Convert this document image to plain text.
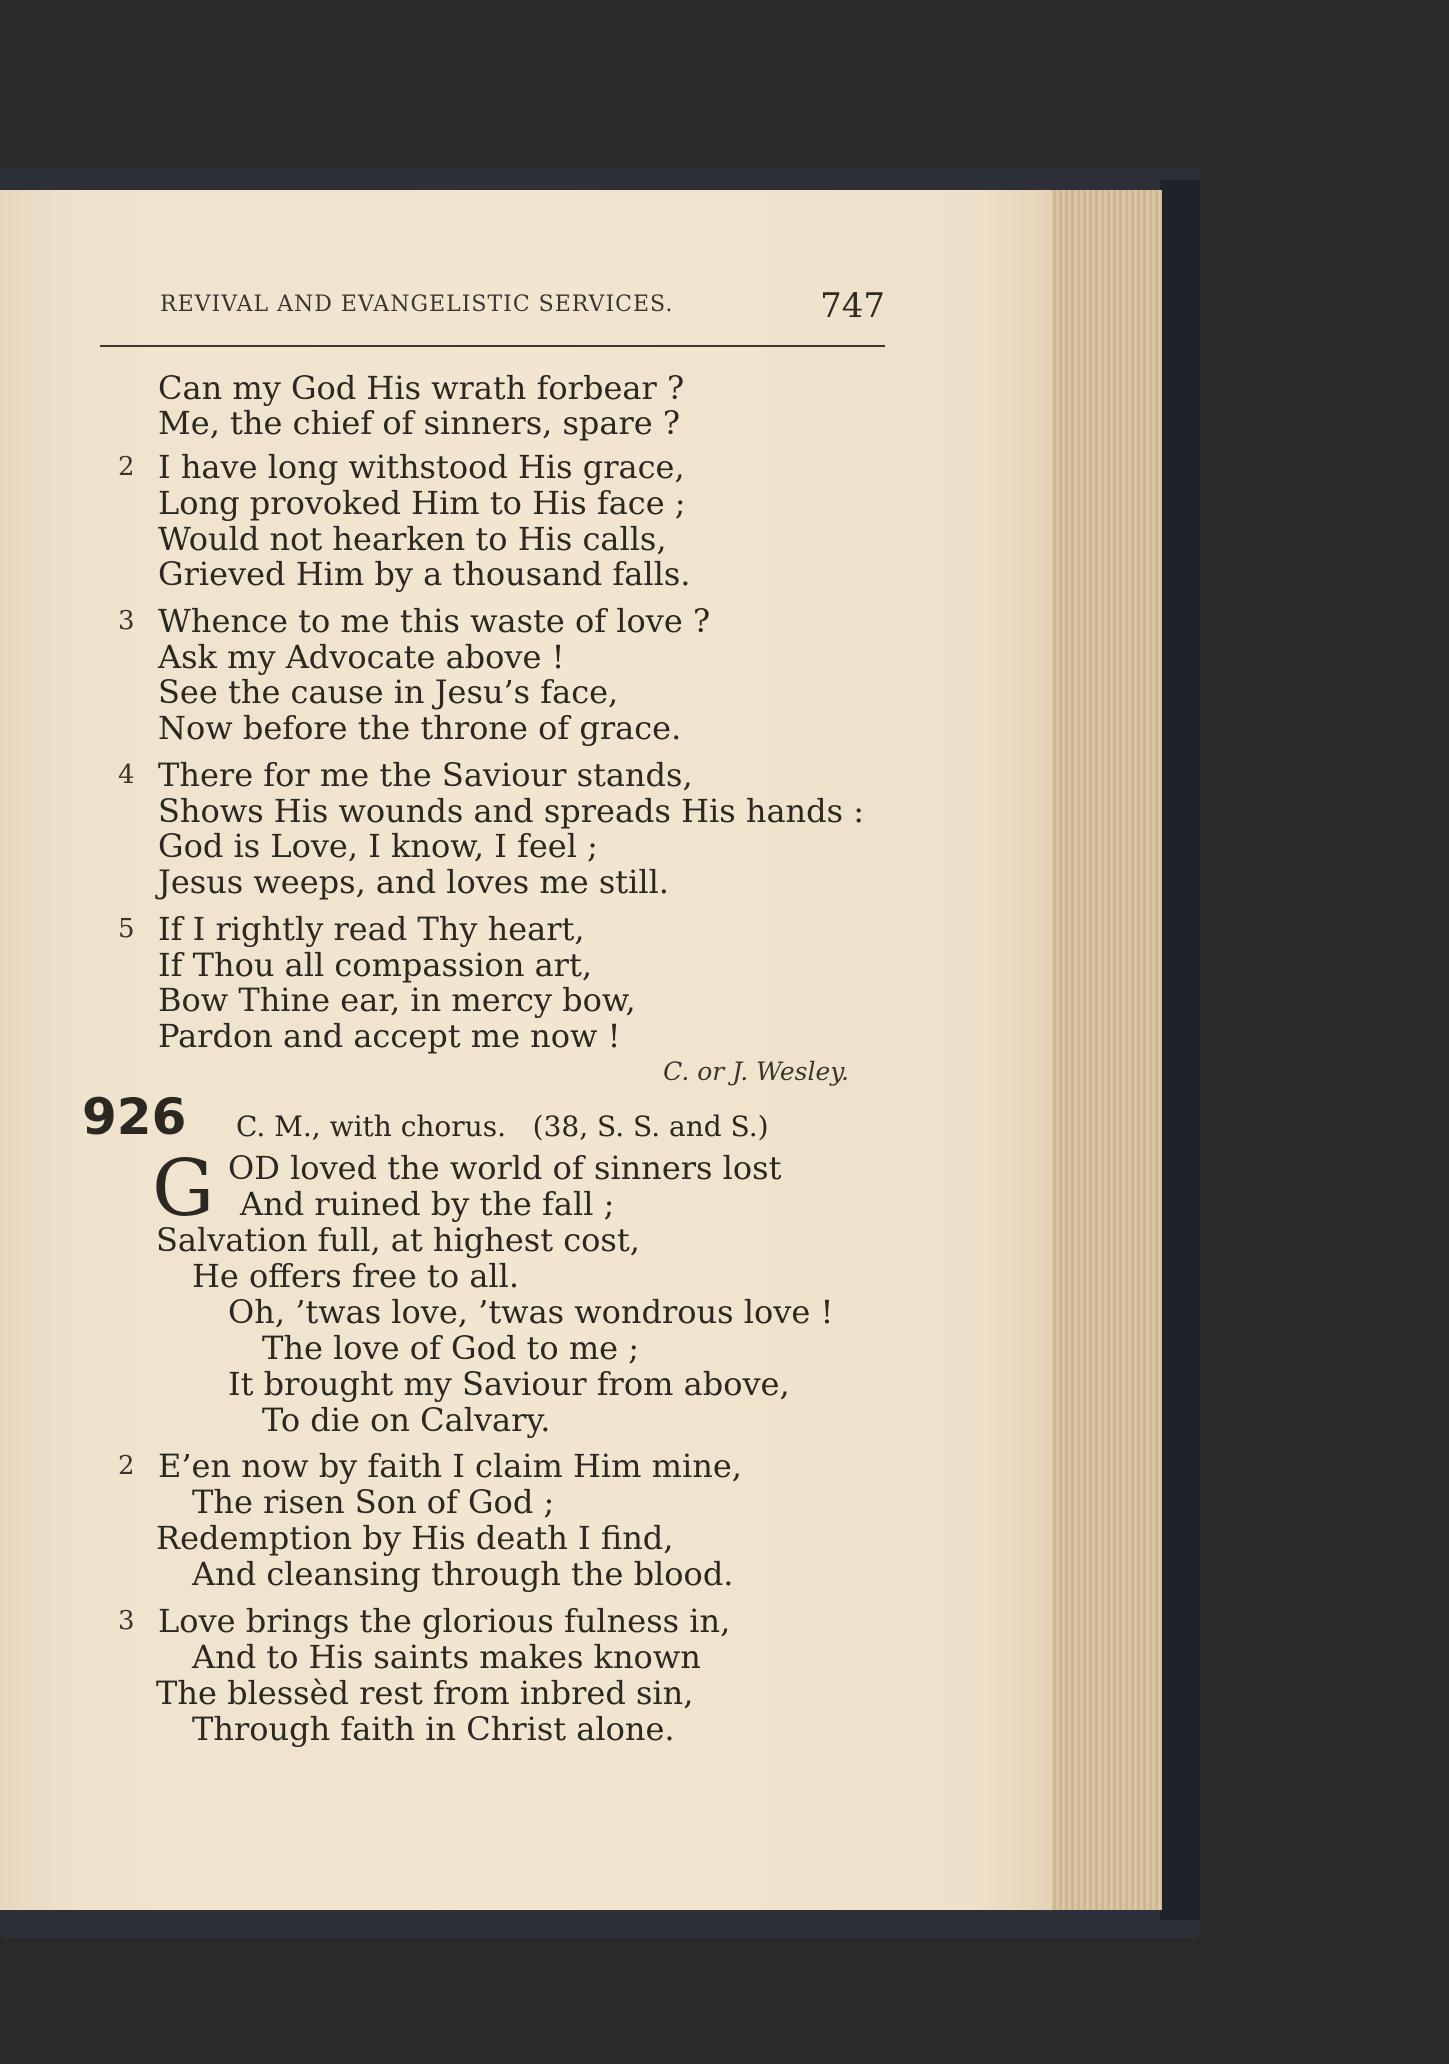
REVIVAL AND EVANGELISTIC SERVICES.	747
Can my God His wrath forbear ?
Me, the chief of sinners, spare ?
2 I have long withstood His grace,
Long provoked Him to His face ;
Would not hearken to His calls,
Grieved Him by a thousand falls.
3 Whence to me this waste of love ?
Ask my Advocate above !
See the cause in Jesu’s face,
Now before the throne of grace.
4 There for me the Saviour stands,
Shows His wounds and spreads His hands :
God is Love, I know, I feel ;
Jesus weeps, and loves me still.
5 If I rightly read Thy heart,
If Thou all compassion art,
Bow Thine ear, in mercy bow,
Pardon and accept me now !
C. or J. Wesley.
926 C. M., with chorus. (38, S. S. and S.)
G OD loved the world of sinners lost
And ruined by the fall ;
Salvation full, at highest cost,
He offers free to all.
Oh, ’twas love, ’twas wondrous love !
The love of God to me ;
It brought my Saviour from above,
To die on Calvary.
2 E’en now by faith I claim Him mine,
The risen Son of God ;
Redemption by His death I find,
And cleansing through the blood.
3 Love brings the glorious fulness in,
And to His saints makes known
The blessèd rest from inbred sin,
Through faith in Christ alone.
